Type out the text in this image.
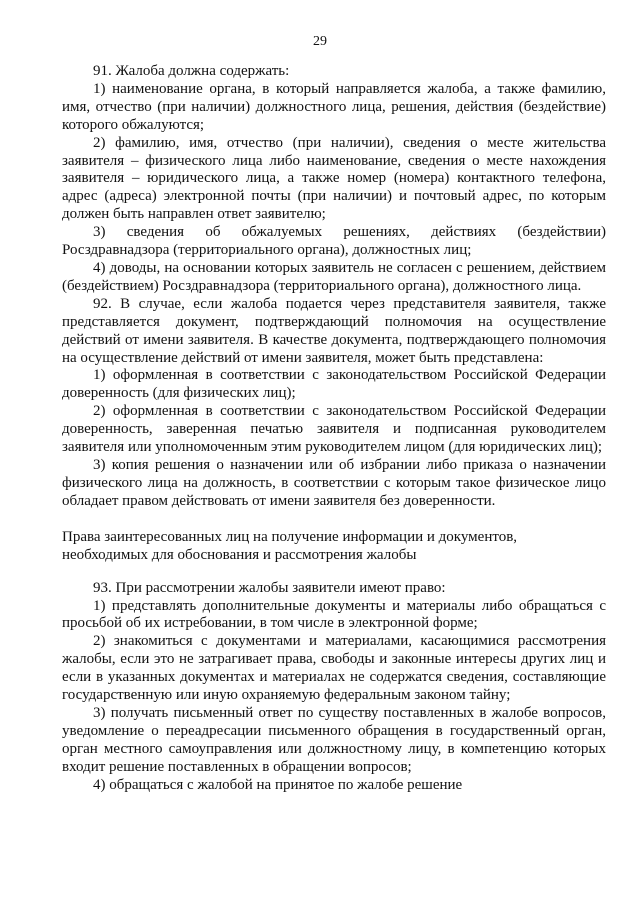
29

91. Жалоба должна содержать:

1) наименование органа, в который направляется жалоба, а также фамилию, имя, отчество (при наличии) должностного лица, решения, действия (бездействие) которого обжалуются;

2) фамилию, имя, отчество (при наличии), сведения о месте жительства заявителя – физического лица либо наименование, сведения о месте нахождения заявителя – юридического лица, а также номер (номера) контактного телефона, адрес (адреса) электронной почты (при наличии) и почтовый адрес, по которым должен быть направлен ответ заявителю;

3) сведения об обжалуемых решениях, действиях (бездействии) Росздравнадзора (территориального органа), должностных лиц;

4) доводы, на основании которых заявитель не согласен с решением, действием (бездействием) Росздравнадзора (территориального органа), должностного лица.

92. В случае, если жалоба подается через представителя заявителя, также представляется документ, подтверждающий полномочия на осуществление действий от имени заявителя. В качестве документа, подтверждающего полномочия на осуществление действий от имени заявителя, может быть представлена:

1) оформленная в соответствии с законодательством Российской Федерации доверенность (для физических лиц);

2) оформленная в соответствии с законодательством Российской Федерации доверенность, заверенная печатью заявителя и подписанная руководителем заявителя или уполномоченным этим руководителем лицом (для юридических лиц);

3) копия решения о назначении или об избрании либо приказа о назначении физического лица на должность, в соответствии с которым такое физическое лицо обладает правом действовать от имени заявителя без доверенности.

Права заинтересованных лиц на получение информации и документов,
необходимых для обоснования и рассмотрения жалобы

93. При рассмотрении жалобы заявители имеют право:

1) представлять дополнительные документы и материалы либо обращаться с просьбой об их истребовании, в том числе в электронной форме;

2) знакомиться с документами и материалами, касающимися рассмотрения жалобы, если это не затрагивает права, свободы и законные интересы других лиц и если в указанных документах и материалах не содержатся сведения, составляющие государственную или иную охраняемую федеральным законом тайну;

3) получать письменный ответ по существу поставленных в жалобе вопросов, уведомление о переадресации письменного обращения в государственный орган, орган местного самоуправления или должностному лицу, в компетенцию которых входит решение поставленных в обращении вопросов;

4) обращаться с жалобой на принятое по жалобе решение
